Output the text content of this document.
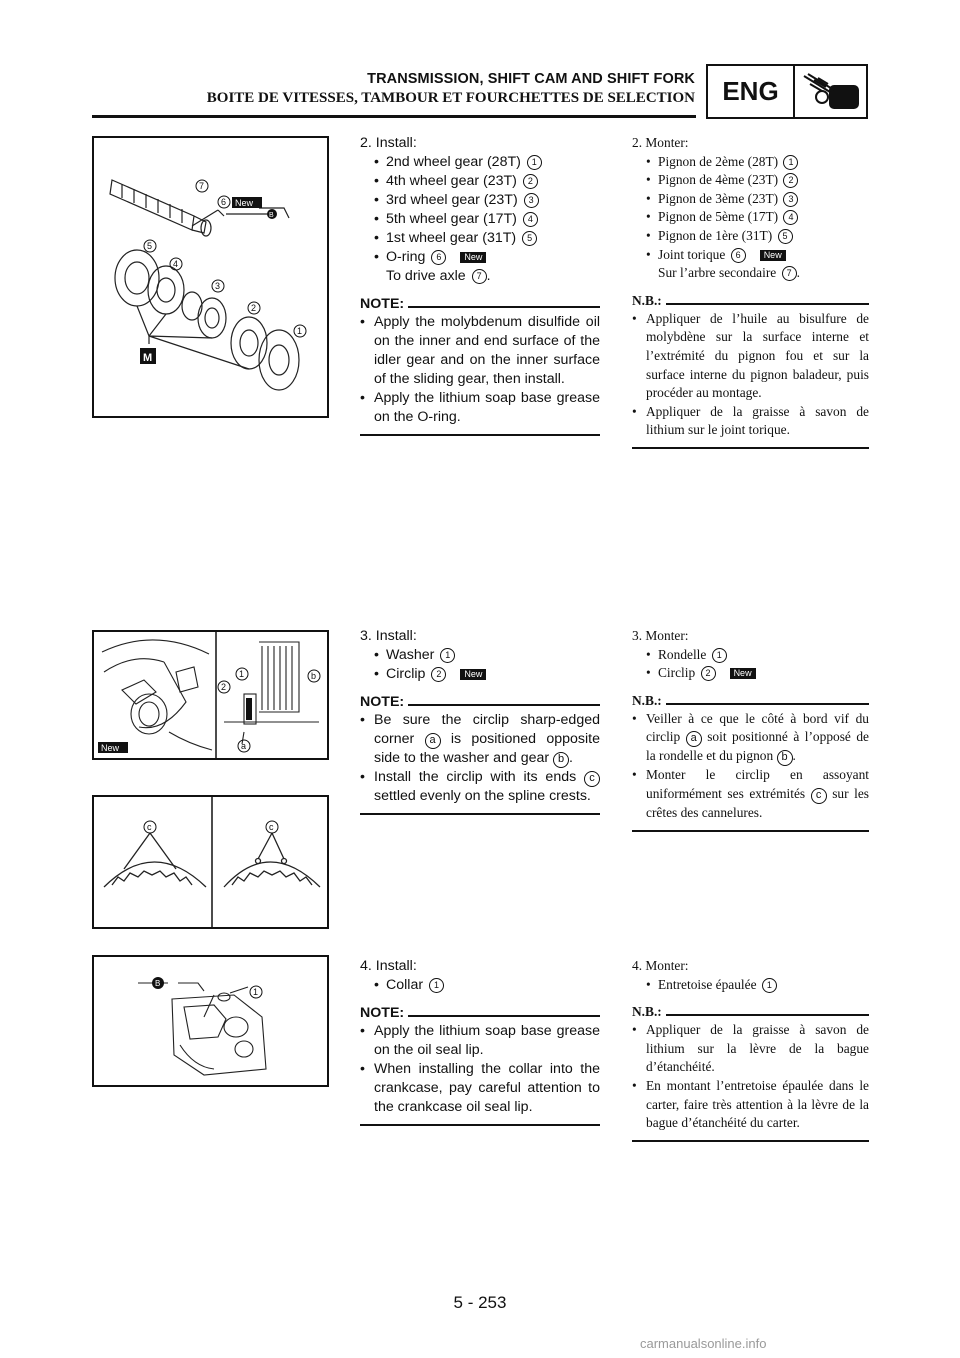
TRANSMISSION, SHIFT CAM AND SHIFT FORK
BOITE DE VITESSES, TAMBOUR ET FOURCHETTES DE SELECTION	ENG
M
New
B
7
6
5
4
3
2
1
New
1
2
a
b
c	c
B
1

2. Install:

• 2nd wheel gear (28T) 1
• 4th wheel gear (23T) 2
• 3rd wheel gear (23T) 3
• 5th wheel gear (17T) 4
• 1st wheel gear (31T) 5
• O-ring 6	New
To drive axle 7 .
NOTE:
• Apply the molybdenum disulfide oil on the inner and end surface of the idler gear and on the inner surface of the sliding gear, then install.
• Apply the lithium soap base grease on the O-ring.

2. Monter:

• Pignon de 2ème (28T) 1
• Pignon de 4ème (23T) 2
• Pignon de 3ème (23T) 3
• Pignon de 5ème (17T) 4
• Pignon de 1ère (31T) 5
• Joint torique 6	New
Sur l’arbre secondaire 7 .
N.B.:
• Appliquer de l’huile au bisulfure de molybdène sur la surface interne et l’extrémité du pignon fou et sur la surface interne du pignon baladeur, puis procéder au montage.
• Appliquer de la graisse à savon de lithium sur le joint torique.

3. Install:

• Washer 1
• Circlip 2	New
NOTE:
• Be sure the circlip sharp-edged corner a is positioned opposite side to the washer and gear b .
• Install the circlip with its ends c settled evenly on the spline crests.

3. Monter:

• Rondelle 1
• Circlip 2	New
N.B.:
• Veiller à ce que le côté à bord vif du circlip a soit positionné à l’opposé de la rondelle et du pignon b .
• Monter le circlip en assoyant uniformément ses extrémités c sur les crêtes des cannelures.

4. Install:

• Collar 1
NOTE:
• Apply the lithium soap base grease on the oil seal lip.
• When installing the collar into the crankcase, pay careful attention to the crankcase oil seal lip.

4. Monter:

• Entretoise épaulée 1
N.B.:
• Appliquer de la graisse à savon de lithium sur la lèvre de la bague d’étanchéité.
• En montant l’entretoise épaulée dans le carter, faire très attention à la lèvre de la bague d’étanchéité du carter.
5 - 253
carmanualsonline.info
